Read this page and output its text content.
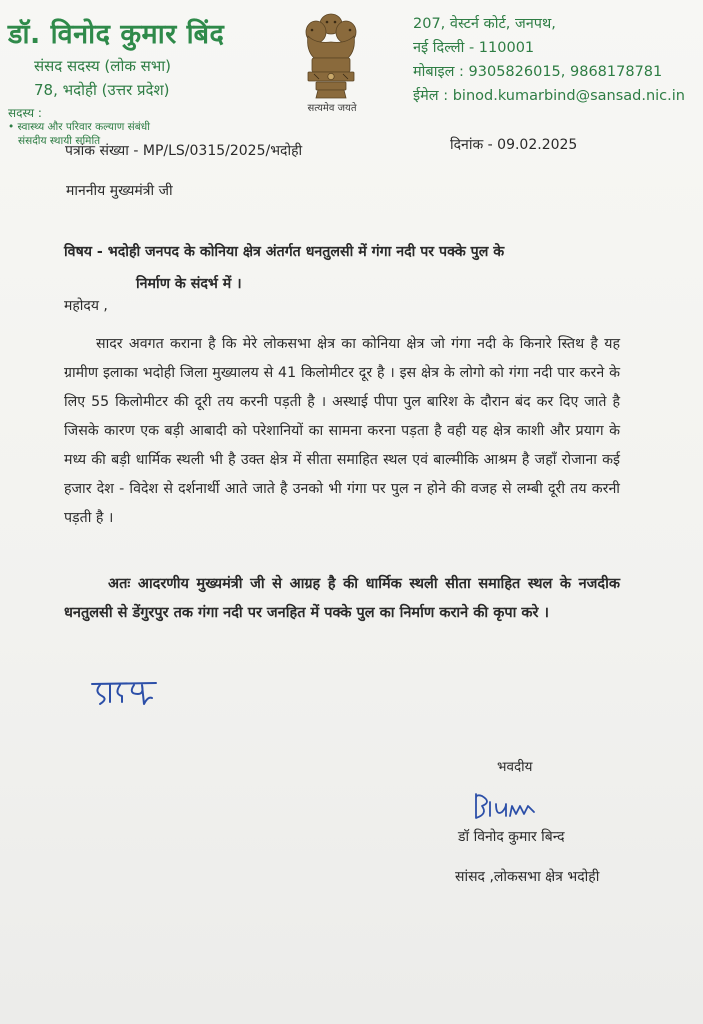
डॉ. विनोद कुमार बिंद
संसद सदस्य (लोक सभा)
78, भदोही (उत्तर प्रदेश)
सदस्य :
• स्वास्थ्य और परिवार कल्याण संबंधी
संसदीय स्थायी समिति
सत्यमेव जयते
207, वेस्टर्न कोर्ट, जनपथ,
नई दिल्ली - 110001
मोबाइल : 9305826015, 9868178781
ईमेल : binod.kumarbind@sansad.nic.in
पत्रांक संख्या - MP/LS/0315/2025/भदोही	दिनांक - 09.02.2025
माननीय मुख्यमंत्री जी
विषय - भदोही जनपद के कोनिया क्षेत्र अंतर्गत धनतुलसी में गंगा नदी पर पक्के पुल के
निर्माण के संदर्भ में ।
महोदय ,
सादर अवगत कराना है कि मेरे लोकसभा क्षेत्र का कोनिया क्षेत्र जो गंगा नदी के किनारे स्तिथ है यह ग्रामीण इलाका भदोही जिला मुख्यालय से 41 किलोमीटर दूर है । इस क्षेत्र के लोगो को गंगा नदी पार करने के लिए 55 किलोमीटर की दूरी तय करनी पड़ती है । अस्थाई पीपा पुल बारिश के दौरान बंद कर दिए जाते है जिसके कारण एक बड़ी आबादी को परेशानियों का सामना करना पड़ता है वही यह क्षेत्र काशी और प्रयाग के मध्य की बड़ी धार्मिक स्थली भी है उक्त क्षेत्र में सीता समाहित स्थल एवं बाल्मीकि आश्रम है जहाँ रोजाना कई हजार देश - विदेश से दर्शनार्थी आते जाते है उनको भी गंगा पर पुल न होने की वजह से लम्बी दूरी तय करनी पड़ती है ।
अतः आदरणीय मुख्यमंत्री जी से आग्रह है की धार्मिक स्थली सीता समाहित स्थल के नजदीक धनतुलसी से डेंगुरपुर तक गंगा नदी पर जनहित में पक्के पुल का निर्माण कराने की कृपा करे ।
भवदीय
डॉ विनोद कुमार बिन्द
सांसद ,लोकसभा क्षेत्र भदोही
